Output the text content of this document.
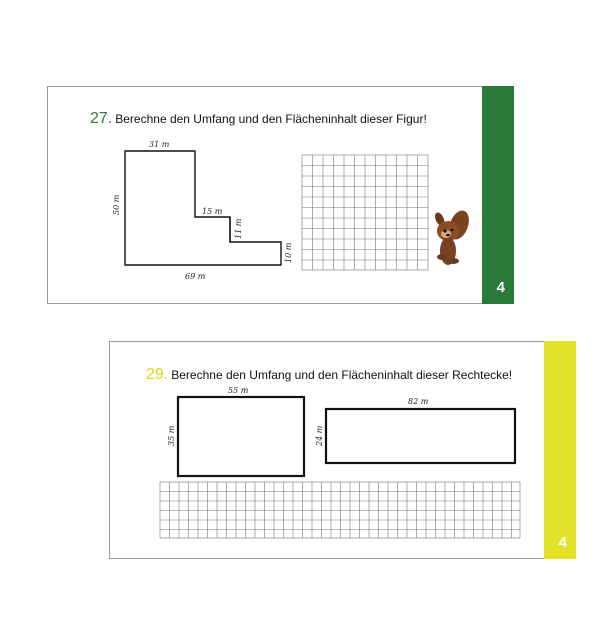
27. Berechne den Umfang und den Flächeninhalt dieser Figur!
31 m
50 m	15 m
11 m
10 m
69 m
4
29. Berechne den Umfang und den Flächeninhalt dieser Rechtecke!
55 m
35 m
82 m
24 m
4
